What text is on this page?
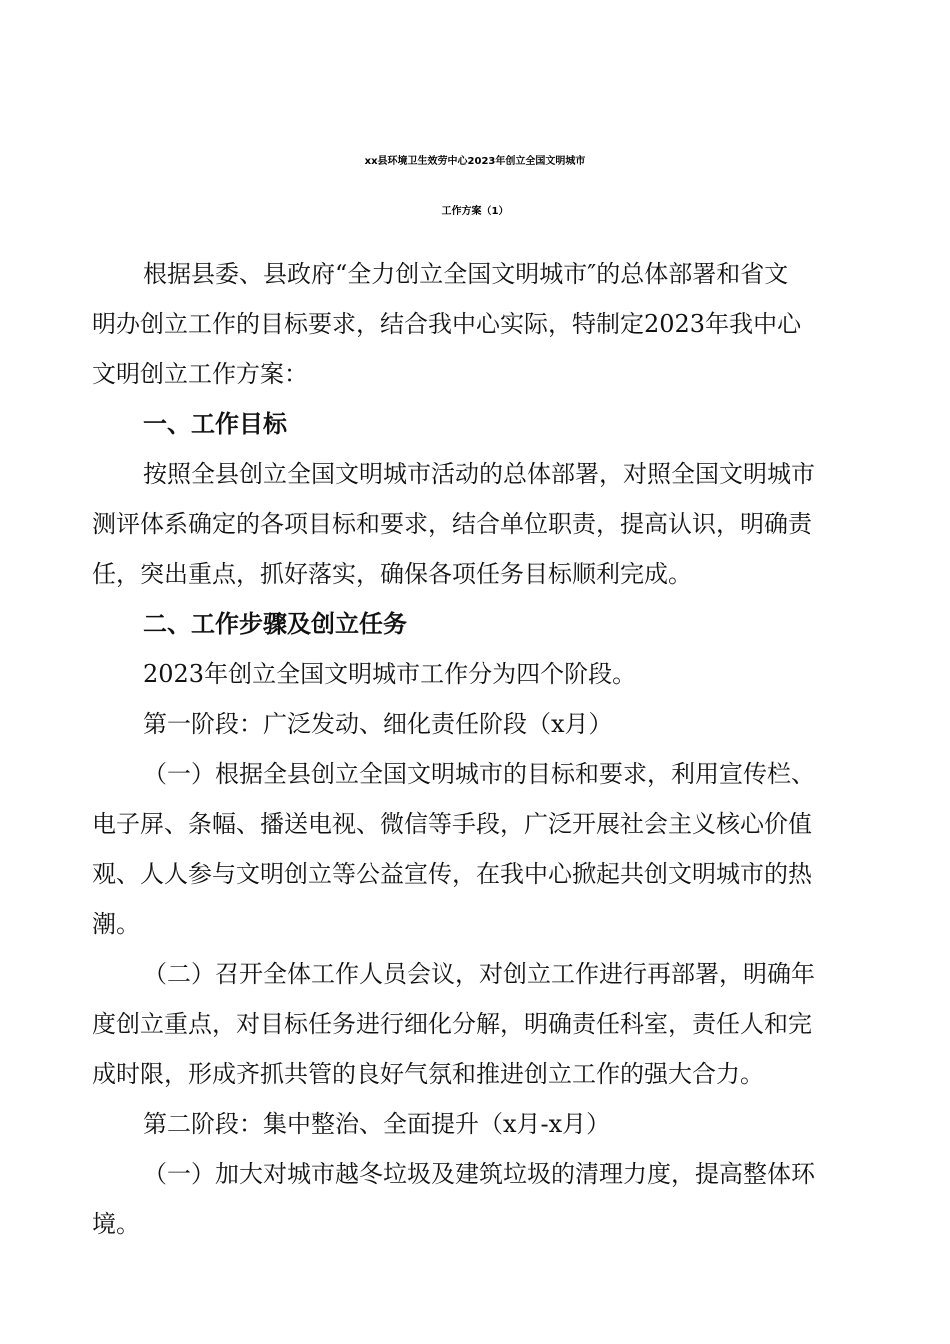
xx县环境卫生效劳中心2023年创立全国文明城市
工作方案（1）
根据县委、县政府“全力创立全国文明城市″的总体部署和省文
明办创立工作的目标要求，结合我中心实际，特制定2023年我中心
文明创立工作方案：
一、工作目标
按照全县创立全国文明城市活动的总体部署，对照全国文明城市
测评体系确定的各项目标和要求，结合单位职责，提高认识，明确责
任，突出重点，抓好落实，确保各项任务目标顺利完成。
二、工作步骤及创立任务
2023年创立全国文明城市工作分为四个阶段。
第一阶段：广泛发动、细化责任阶段（x月）
（一）根据全县创立全国文明城市的目标和要求，利用宣传栏、
电子屏、条幅、播送电视、微信等手段，广泛开展社会主义核心价值
观、人人参与文明创立等公益宣传，在我中心掀起共创文明城市的热
潮。
（二）召开全体工作人员会议，对创立工作进行再部署，明确年
度创立重点，对目标任务进行细化分解，明确责任科室，责任人和完
成时限，形成齐抓共管的良好气氛和推进创立工作的强大合力。
第二阶段：集中整治、全面提升（x月-x月）
（一）加大对城市越冬垃圾及建筑垃圾的清理力度，提高整体环
境。
